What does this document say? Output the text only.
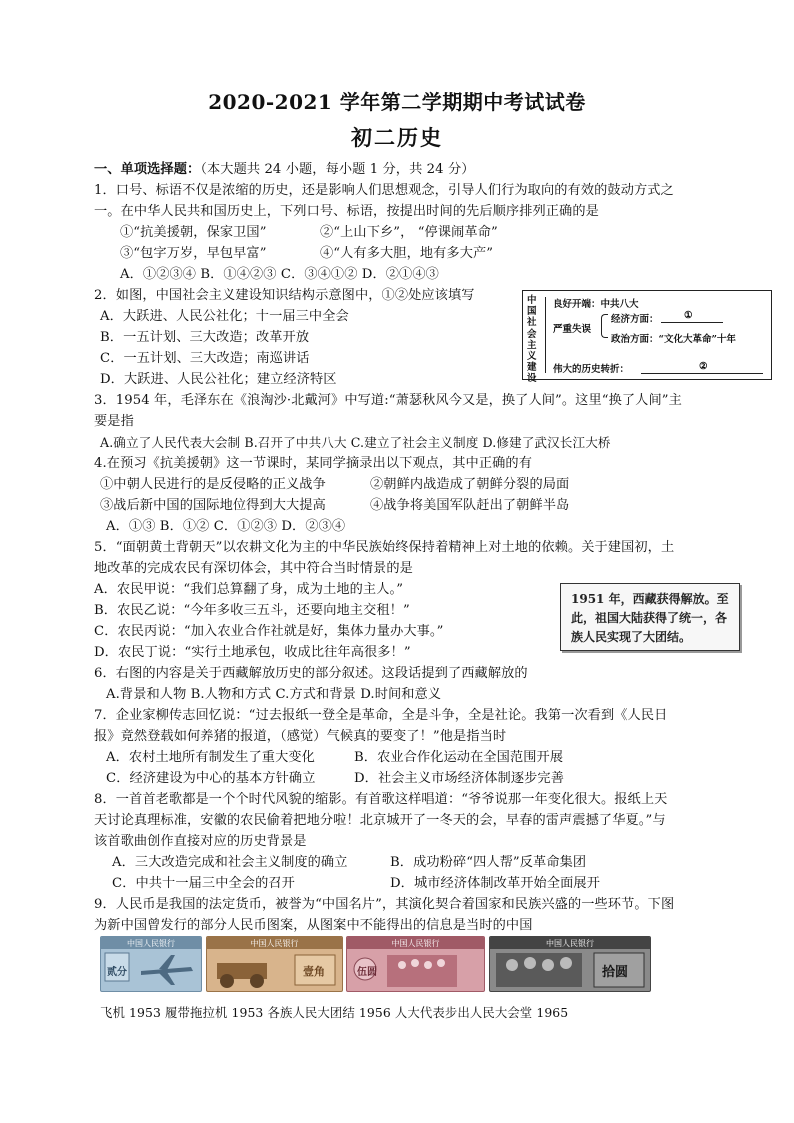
2020-2021 学年第二学期期中考试试卷
初二历史
一、单项选择题：（本大题共 24 小题，每小题 1 分，共 24 分）
1．口号、标语不仅是浓缩的历史，还是影响人们思想观念，引导人们行为取向的有效的鼓动方式之
一。在中华人民共和国历史上，下列口号、标语，按提出时间的先后顺序排列正确的是
①“抗美援朝，保家卫国”	②“上山下乡”， “停课闹革命”
③“包字万岁，早包早富”	④“人有多大胆，地有多大产”
A．①②③④ B．①④②③ C．③④①② D．②①④③
2．如图，中国社会主义建设知识结构示意图中，①②处应该填写
A．大跃进、人民公社化；十一届三中全会
B．一五计划、三大改造；改革开放
C．一五计划、三大改造；南巡讲话
D．大跃进、人民公社化；建立经济特区
中国社会主义建设
良好开端：中共八大
严重失误
经济方面：	①
政治方面：“文化大革命”十年
伟大的历史转折：	②
3．1954 年，毛泽东在《浪淘沙·北戴河》中写道:“萧瑟秋风今又是，换了人间”。这里“换了人间”主
要是指
A.确立了人民代表大会制 B.召开了中共八大 C.建立了社会主义制度 D.修建了武汉长江大桥
4.在预习《抗美援朝》这一节课时，某同学摘录出以下观点，其中正确的有
①中朝人民进行的是反侵略的正义战争	②朝鲜内战造成了朝鲜分裂的局面
③战后新中国的国际地位得到大大提高	④战争将美国军队赶出了朝鲜半岛
A．①③ B．①② C．①②③ D．②③④
5．“面朝黄土背朝天”以农耕文化为主的中华民族始终保持着精神上对土地的依赖。关于建国初，土
地改革的完成农民有深切体会，其中符合当时情景的是
A．农民甲说：“我们总算翻了身，成为土地的主人。”
B．农民乙说：“今年多收三五斗，还要向地主交租！”
C．农民丙说：“加入农业合作社就是好，集体力量办大事。”
D．农民丁说：“实行土地承包，收成比往年高很多！”
1951 年，西藏获得解放。至此，祖国大陆获得了统一，各族人民实现了大团结。
6．右图的内容是关于西藏解放历史的部分叙述。这段话提到了西藏解放的
A.背景和人物 B.人物和方式 C.方式和背景 D.时间和意义
7．企业家柳传志回忆说：“过去报纸一登全是革命，全是斗争，全是社论。我第一次看到《人民日
报》竟然登载如何养猪的报道，（感觉）气候真的要变了！”他是指当时
A．农村土地所有制发生了重大变化	B．农业合作化运动在全国范围开展
C．经济建设为中心的基本方针确立	D．社会主义市场经济体制逐步完善
8．一首首老歌都是一个个时代风貌的缩影。有首歌这样唱道：“爷爷说那一年变化很大。报纸上天
天讨论真理标准，安徽的农民偷着把地分啦！北京城开了一冬天的会，早春的雷声震撼了华夏。”与
该首歌曲创作直接对应的历史背景是
A．三大改造完成和社会主义制度的确立	B．成功粉碎“四人帮”反革命集团
C．中共十一届三中全会的召开	D．城市经济体制改革开始全面展开
9．人民币是我国的法定货币，被誉为“中国名片”，其演化契合着国家和民族兴盛的一些环节。下图
为新中国曾发行的部分人民币图案，从图案中不能得出的信息是当时的中国
中国人民银行
贰分
中国人民银行
壹角
中国人民银行
伍圆
中国人民银行
拾圆
飞机 1953 履带拖拉机 1953 各族人民大团结 1956 人大代表步出人民大会堂 1965
